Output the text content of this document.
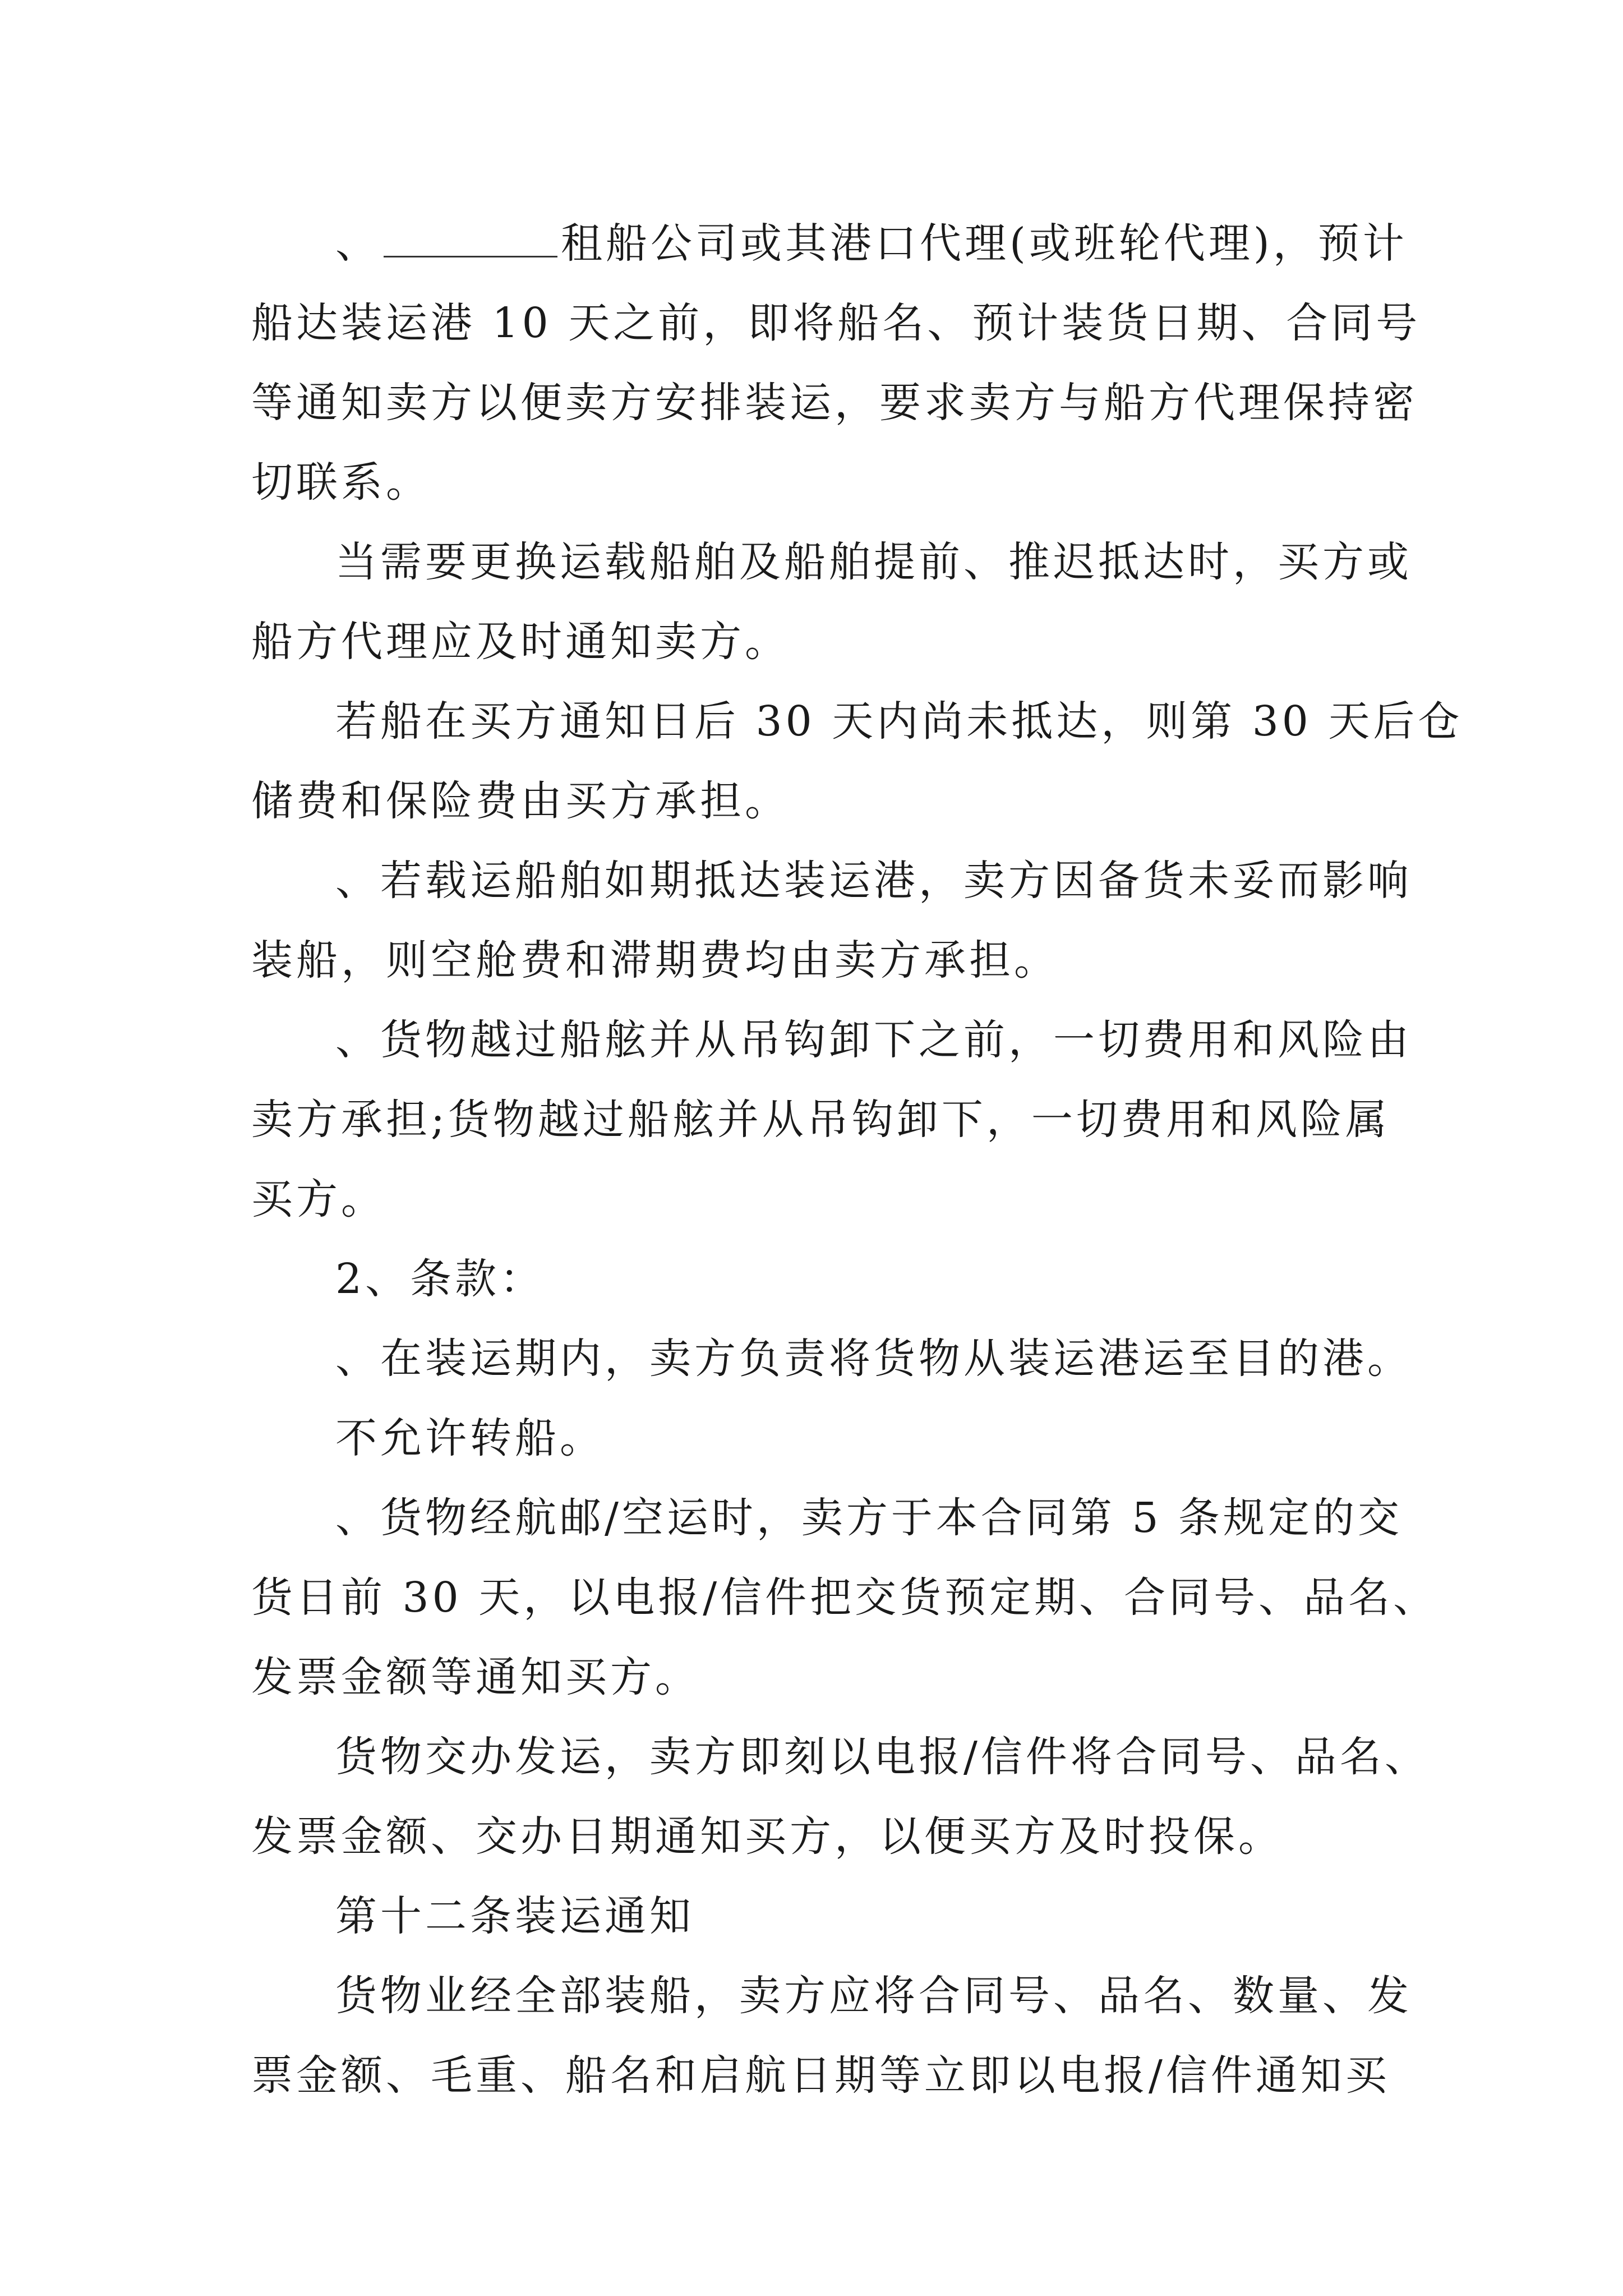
、	租船公司或其港口代理(或班轮代理)，预计
船达装运港 10 天之前，即将船名、预计装货日期、合同号
等通知卖方以便卖方安排装运，要求卖方与船方代理保持密
切联系。
当需要更换运载船舶及船舶提前、推迟抵达时，买方或
船方代理应及时通知卖方。
若船在买方通知日后 30 天内尚未抵达，则第 30 天后仓
储费和保险费由买方承担。
、若载运船舶如期抵达装运港，卖方因备货未妥而影响
装船，则空舱费和滞期费均由卖方承担。
、货物越过船舷并从吊钩卸下之前，一切费用和风险由
卖方承担;货物越过船舷并从吊钩卸下，一切费用和风险属
买方。
2、条款：
、在装运期内，卖方负责将货物从装运港运至目的港。
不允许转船。
、货物经航邮/空运时，卖方于本合同第 5 条规定的交
货日前 30 天，以电报/信件把交货预定期、合同号、品名、
发票金额等通知买方。
货物交办发运，卖方即刻以电报/信件将合同号、品名、
发票金额、交办日期通知买方，以便买方及时投保。
第十二条装运通知
货物业经全部装船，卖方应将合同号、品名、数量、发
票金额、毛重、船名和启航日期等立即以电报/信件通知买
